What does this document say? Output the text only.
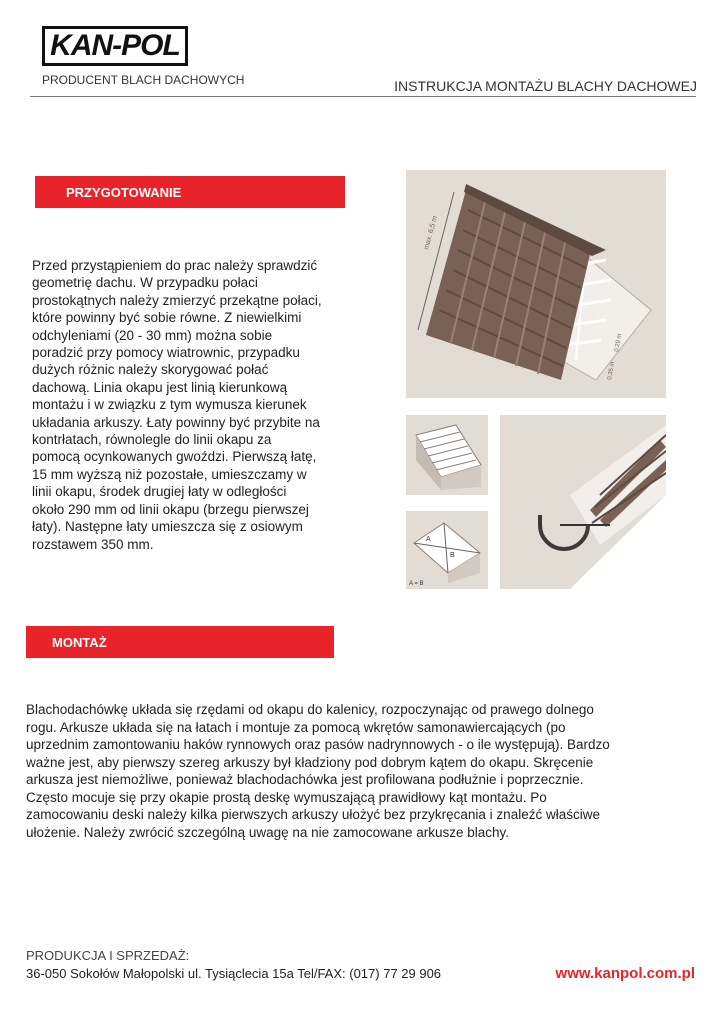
KAN-POL
PRODUCENT BLACH DACHOWYCH	INSTRUKCJA MONTAŻU BLACHY DACHOWEJ
PRZYGOTOWANIE
Przed przystąpieniem do prac należy sprawdzić geometrię dachu. W przypadku połaci prostokątnych należy zmierzyć przekątne połaci, które powinny być sobie równe. Z niewielkimi odchyleniami (20 - 30 mm) można sobie poradzić przy pomocy wiatrownic, przypadku dużych różnic należy skorygować połać dachową. Linia okapu jest linią kierunkową montażu i w związku z tym wymusza kierunek układania arkuszy. Łaty powinny być przybite na kontrłatach, równolegle do linii okapu za pomocą ocynkowanych gwoździ. Pierwszą łatę, 15 mm wyższą niż pozostałe, umieszczamy w linii okapu, środek drugiej łaty w odległości około 290 mm od linii okapu (brzegu pierwszej łaty). Następne łaty umieszcza się z osiowym rozstawem 350 mm.
max. 6,5 m
0,29 m
0,35 m
A
B
A = B
MONTAŻ
Blachodachówkę układa się rzędami od okapu do kalenicy, rozpoczynając od prawego dolnego rogu. Arkusze układa się na łatach i montuje za pomocą wkrętów samonawiercających (po uprzednim zamontowaniu haków rynnowych oraz pasów nadrynnowych - o ile występują). Bardzo ważne jest, aby pierwszy szereg arkuszy był kładziony pod dobrym kątem do okapu. Skręcenie arkusza jest niemożliwe, ponieważ blachodachówka jest profilowana podłużnie i poprzecznie. Często mocuje się przy okapie prostą deskę wymuszającą prawidłowy kąt montażu. Po zamocowaniu deski należy kilka pierwszych arkuszy ułożyć bez przykręcania i znaleźć właściwe ułożenie. Należy zwrócić szczególną uwagę na nie zamocowane arkusze blachy.
PRODUKCJA I SPRZEDAŻ:
36-050 Sokołów Małopolski ul. Tysiąclecia 15a Tel/FAX: (017) 77 29 906	www.kanpol.com.pl
